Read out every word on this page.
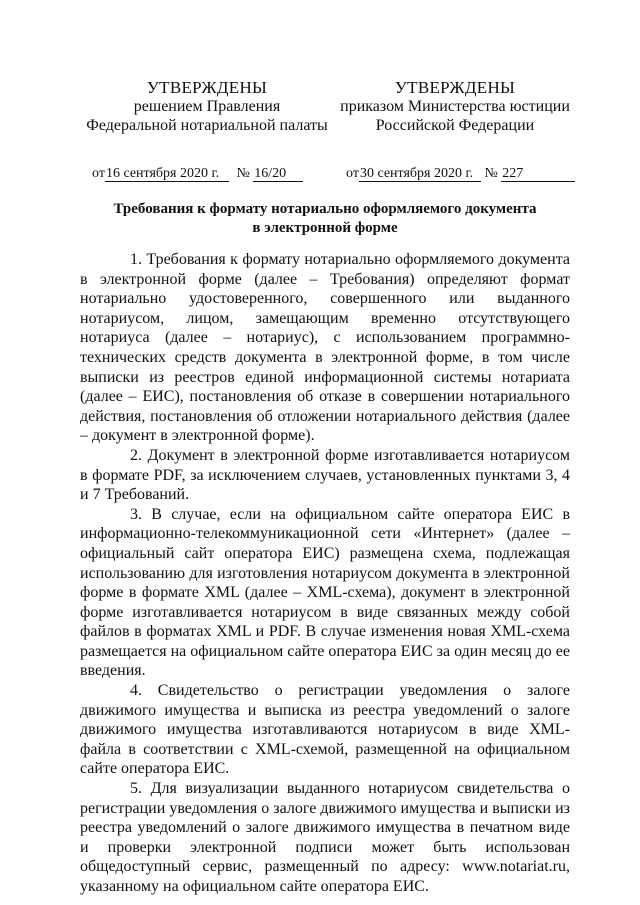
УТВЕРЖДЕНЫ
решением Правления
Федеральной нотариальной палаты
УТВЕРЖДЕНЫ
приказом Министерства юстиции
Российской Федерации
от16 сентября 2020 г. № 16/20	от30 сентября 2020 г. № 227
Требования к формату нотариально оформляемого документа
в электронной форме

1. Требования к формату нотариально оформляемого документа в электронной форме (далее – Требования) определяют формат нотариально удостоверенного, совершенного или выданного нотариусом, лицом, замещающим временно отсутствующего нотариуса (далее – нотариус), с использованием программно-технических средств документа в электронной форме, в том числе выписки из реестров единой информационной системы нотариата (далее – ЕИС), постановления об отказе в совершении нотариального действия, постановления об отложении нотариального действия (далее – документ в электронной форме).

2. Документ в электронной форме изготавливается нотариусом в формате PDF, за исключением случаев, установленных пунктами 3, 4 и 7 Требований.

3. В случае, если на официальном сайте оператора ЕИС в информационно-телекоммуникационной сети «Интернет» (далее – официальный сайт оператора ЕИС) размещена схема, подлежащая использованию для изготовления нотариусом документа в электронной форме в формате XML (далее – XML-схема), документ в электронной форме изготавливается нотариусом в виде связанных между собой файлов в форматах XML и PDF. В случае изменения новая XML-схема размещается на официальном сайте оператора ЕИС за один месяц до ее введения.

4. Свидетельство о регистрации уведомления о залоге движимого имущества и выписка из реестра уведомлений о залоге движимого имущества изготавливаются нотариусом в виде XML-файла в соответствии с XML-схемой, размещенной на официальном сайте оператора ЕИС.

5. Для визуализации выданного нотариусом свидетельства о регистрации уведомления о залоге движимого имущества и выписки из реестра уведомлений о залоге движимого имущества в печатном виде и проверки электронной подписи может быть использован общедоступный сервис, размещенный по адресу: www.notariat.ru, указанному на официальном сайте оператора ЕИС.
